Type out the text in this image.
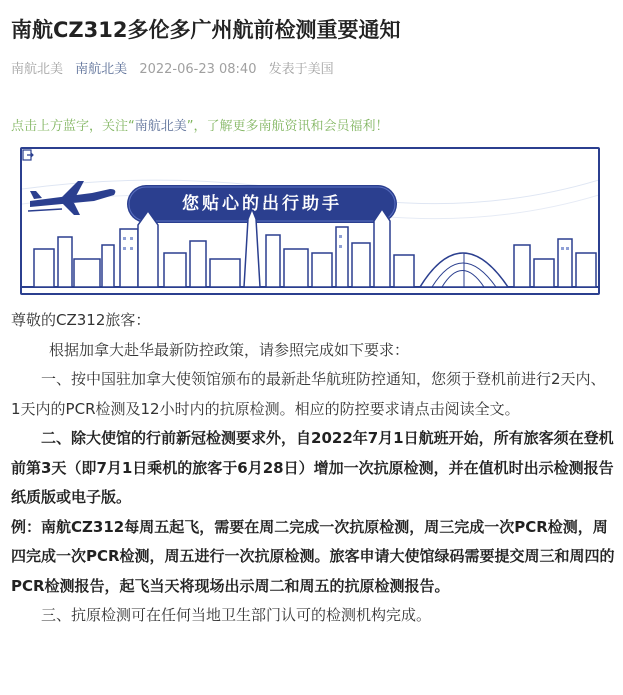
南航CZ312多伦多广州航前检测重要通知
南航北美 南航北美 2022-06-23 08:40 发表于美国
点击上方蓝字，关注“南航北美”，了解更多南航资讯和会员福利！
您贴心的出行助手

尊敬的CZ312旅客：

根据加拿大赴华最新防控政策，请参照完成如下要求：

一、按中国驻加拿大使领馆颁布的最新赴华航班防控通知，您须于登机前进行2天内、1天内的PCR检测及12小时内的抗原检测。相应的防控要求请点击阅读全文。

二、除大使馆的行前新冠检测要求外，自2022年7月1日航班开始，所有旅客须在登机前第3天（即7月1日乘机的旅客于6月28日）增加一次抗原检测，并在值机时出示检测报告纸质版或电子版。

例：南航CZ312每周五起飞，需要在周二完成一次抗原检测，周三完成一次PCR检测，周四完成一次PCR检测，周五进行一次抗原检测。旅客申请大使馆绿码需要提交周三和周四的PCR检测报告，起飞当天将现场出示周二和周五的抗原检测报告。

三、抗原检测可在任何当地卫生部门认可的检测机构完成。
